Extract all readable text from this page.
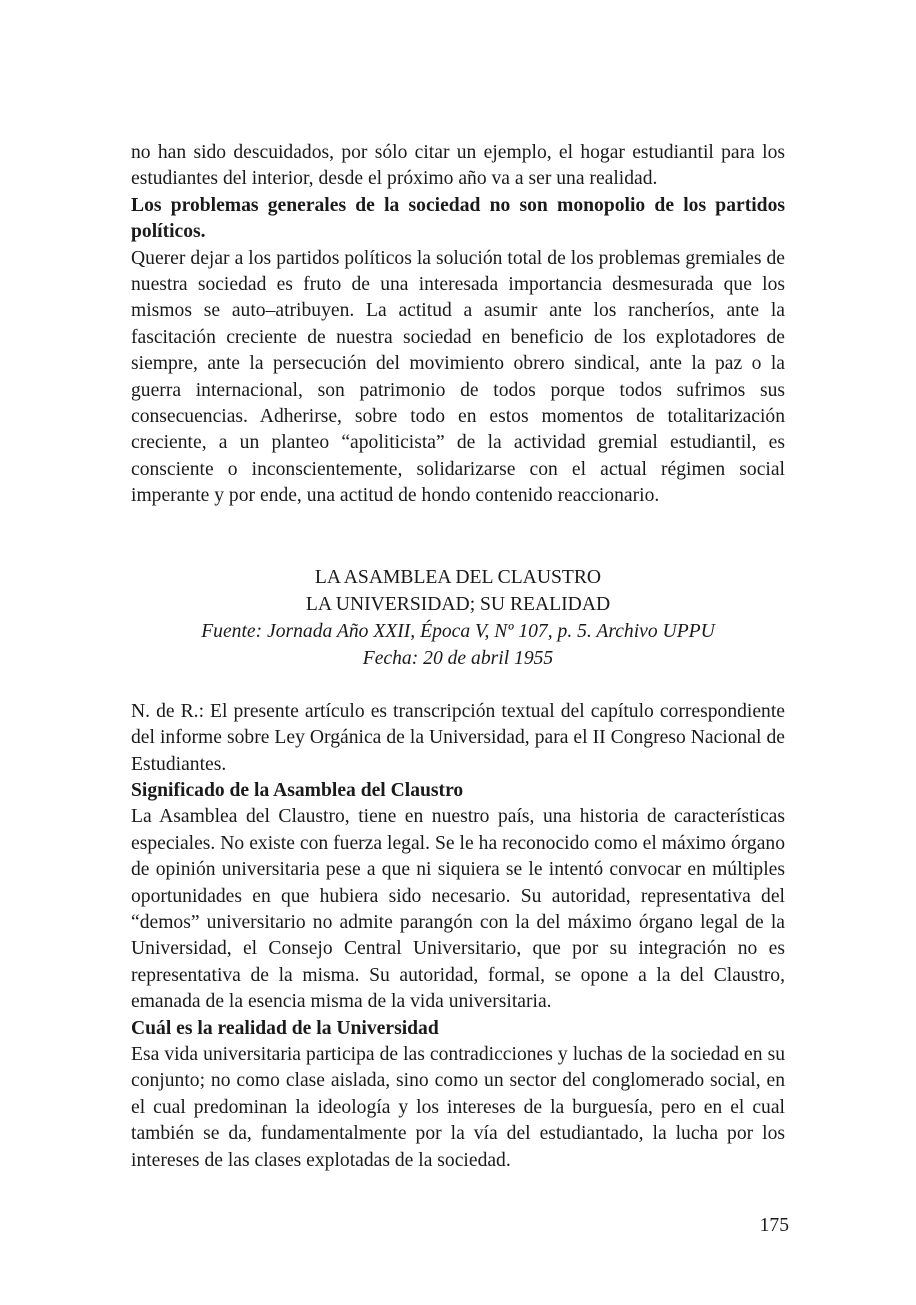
no han sido descuidados, por sólo citar un ejemplo, el hogar estudiantil para los estudiantes del interior, desde el próximo año va a ser una realidad.

Los problemas generales de la sociedad no son monopolio de los partidos políticos.

Querer dejar a los partidos políticos la solución total de los problemas gremiales de nuestra sociedad es fruto de una interesada importancia desmesurada que los mismos se auto–atribuyen. La actitud a asumir ante los rancheríos, ante la fascitación creciente de nuestra sociedad en beneficio de los explotadores de siempre, ante la persecución del movimiento obrero sindical, ante la paz o la guerra internacional, son patrimonio de todos porque todos sufrimos sus consecuencias. Adherirse, sobre todo en estos momentos de totalitarización creciente, a un planteo “apoliticista” de la actividad gremial estudiantil, es consciente o inconscientemente, solidarizarse con el actual régimen social imperante y por ende, una actitud de hondo contenido reaccionario.

LA ASAMBLEA DEL CLAUSTRO

LA UNIVERSIDAD; SU REALIDAD

Fuente: Jornada Año XXII, Época V, Nº 107, p. 5. Archivo UPPU

Fecha: 20 de abril 1955

N. de R.: El presente artículo es transcripción textual del capítulo correspondiente del informe sobre Ley Orgánica de la Universidad, para el II Congreso Nacional de Estudiantes.

Significado de la Asamblea del Claustro

La Asamblea del Claustro, tiene en nuestro país, una historia de características especiales. No existe con fuerza legal. Se le ha reconocido como el máximo órgano de opinión universitaria pese a que ni siquiera se le intentó convocar en múltiples oportunidades en que hubiera sido necesario. Su autoridad, representativa del “demos” universitario no admite parangón con la del máximo órgano legal de la Universidad, el Consejo Central Universitario, que por su integración no es representativa de la misma. Su autoridad, formal, se opone a la del Claustro, emanada de la esencia misma de la vida universitaria.

Cuál es la realidad de la Universidad

Esa vida universitaria participa de las contradicciones y luchas de la sociedad en su conjunto; no como clase aislada, sino como un sector del conglomerado social, en el cual predominan la ideología y los intereses de la burguesía, pero en el cual también se da, fundamentalmente por la vía del estudiantado, la lucha por los intereses de las clases explotadas de la sociedad.

175
